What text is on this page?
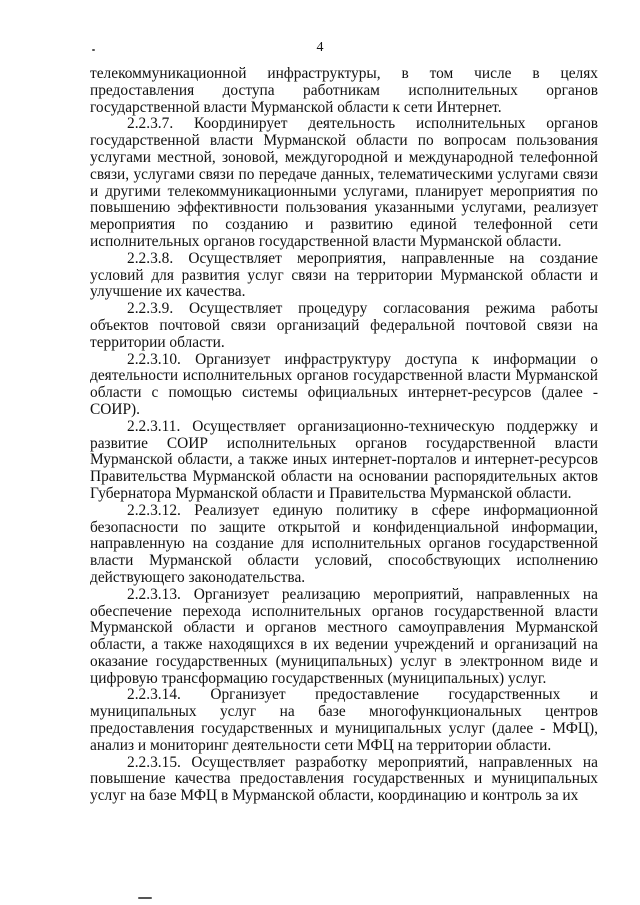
4

телекоммуникационной инфраструктуры, в том числе в целях предоставления доступа работникам исполнительных органов государственной власти Мурманской области к сети Интернет.

2.2.3.7. Координирует деятельность исполнительных органов государственной власти Мурманской области по вопросам пользования услугами местной, зоновой, междугородной и международной телефонной связи, услугами связи по передаче данных, телематическими услугами связи и другими телекоммуникационными услугами, планирует мероприятия по повышению эффективности пользования указанными услугами, реализует мероприятия по созданию и развитию единой телефонной сети исполнительных органов государственной власти Мурманской области.

2.2.3.8. Осуществляет мероприятия, направленные на создание условий для развития услуг связи на территории Мурманской области и улучшение их качества.

2.2.3.9. Осуществляет процедуру согласования режима работы объектов почтовой связи организаций федеральной почтовой связи на территории области.

2.2.3.10. Организует инфраструктуру доступа к информации о деятельности исполнительных органов государственной власти Мурманской области с помощью системы официальных интернет-ресурсов (далее - СОИР).

2.2.3.11. Осуществляет организационно-техническую поддержку и развитие СОИР исполнительных органов государственной власти Мурманской области, а также иных интернет-порталов и интернет-ресурсов Правительства Мурманской области на основании распорядительных актов Губернатора Мурманской области и Правительства Мурманской области.

2.2.3.12. Реализует единую политику в сфере информационной безопасности по защите открытой и конфиденциальной информации, направленную на создание для исполнительных органов государственной власти Мурманской области условий, способствующих исполнению действующего законодательства.

2.2.3.13. Организует реализацию мероприятий, направленных на обеспечение перехода исполнительных органов государственной власти Мурманской области и органов местного самоуправления Мурманской области, а также находящихся в их ведении учреждений и организаций на оказание государственных (муниципальных) услуг в электронном виде и цифровую трансформацию государственных (муниципальных) услуг.

2.2.3.14. Организует предоставление государственных и муниципальных услуг на базе многофункциональных центров предоставления государственных и муниципальных услуг (далее - МФЦ), анализ и мониторинг деятельности сети МФЦ на территории области.

2.2.3.15. Осуществляет разработку мероприятий, направленных на повышение качества предоставления государственных и муниципальных услуг на базе МФЦ в Мурманской области, координацию и контроль за их
